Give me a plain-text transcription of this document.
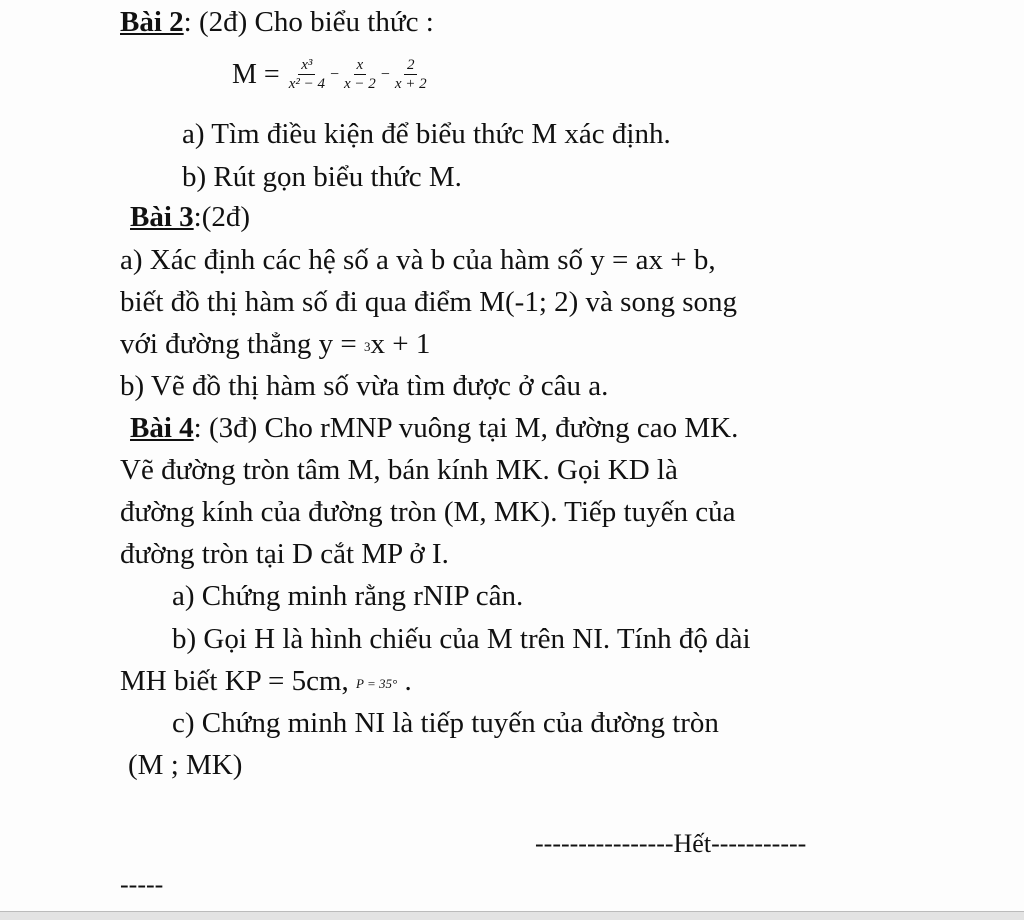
Bài 2: (2đ) Cho biểu thức :
$M = \frac{\text{x³}}{\text{x² − 4}} - \frac{x}{x - 2} - \frac{2}{x + 2}$
a) Tìm điều kiện để biểu thức M xác định.
b) Rút gọn biểu thức M.
Bài 3:(2đ)
a) Xác định các hệ số a và b của hàm số y = ax + b,
biết đồ thị hàm số đi qua điểm M(-1; 2) và song song
với đường thẳng y = 3x + 1
b) Vẽ đồ thị hàm số vừa tìm được ở câu a.
Bài 4: (3đ) Cho rMNP vuông tại M, đường cao MK.
Vẽ đường tròn tâm M, bán kính MK. Gọi KD là
đường kính của đường tròn (M, MK). Tiếp tuyến của
đường tròn tại D cắt MP ở I.
a) Chứng minh rằng rNIP cân.
b) Gọi H là hình chiếu của M trên NI. Tính độ dài
MH biết KP = 5cm, P = 35° .
c) Chứng minh NI là tiếp tuyến của đường tròn
(M ; MK)
----------------Hết-----------
-----
